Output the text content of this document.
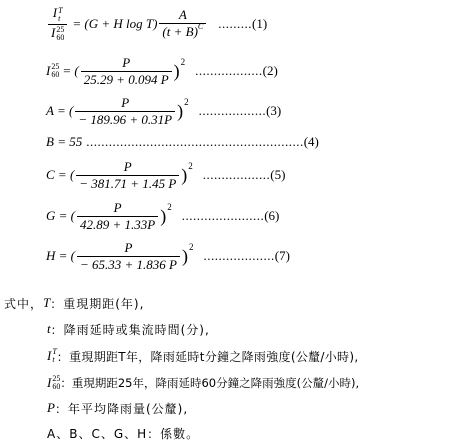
I T
t
I 25
60 = (G + H $\log T) \frac{A}{(t + B)^C}$ ......... (1)
I 25
60 = ( $\frac{P}{25.29 + 0.094 P}$ ) 2
.................. (2)
A = ( $\frac{P}{- 189.96 + 0.31P}$ ) 2
.................. (3)
B = 55 .......................................................... (4)
C = ( $\frac{P}{- 381.71 + 1.45 P}$ ) 2
.................. (5)
G = ( $\frac{P}{42.89 + 1.33P}$ ) 2
...................... (6)
H = ( $\frac{P}{- 65.33 + 1.836 P}$ ) 2
................... (7)
式中， T ：重現期距(年),
t ：降雨延時或集流時間(分),
I T
t ：重現期距T年，降雨延時t分鐘之降雨強度(公釐/小時),
I 25
60 ：重現期距25年，降雨延時60分鐘之降雨強度(公釐/小時),
P ：年平均降雨量(公釐),
A、B、C、G、H：係數。
